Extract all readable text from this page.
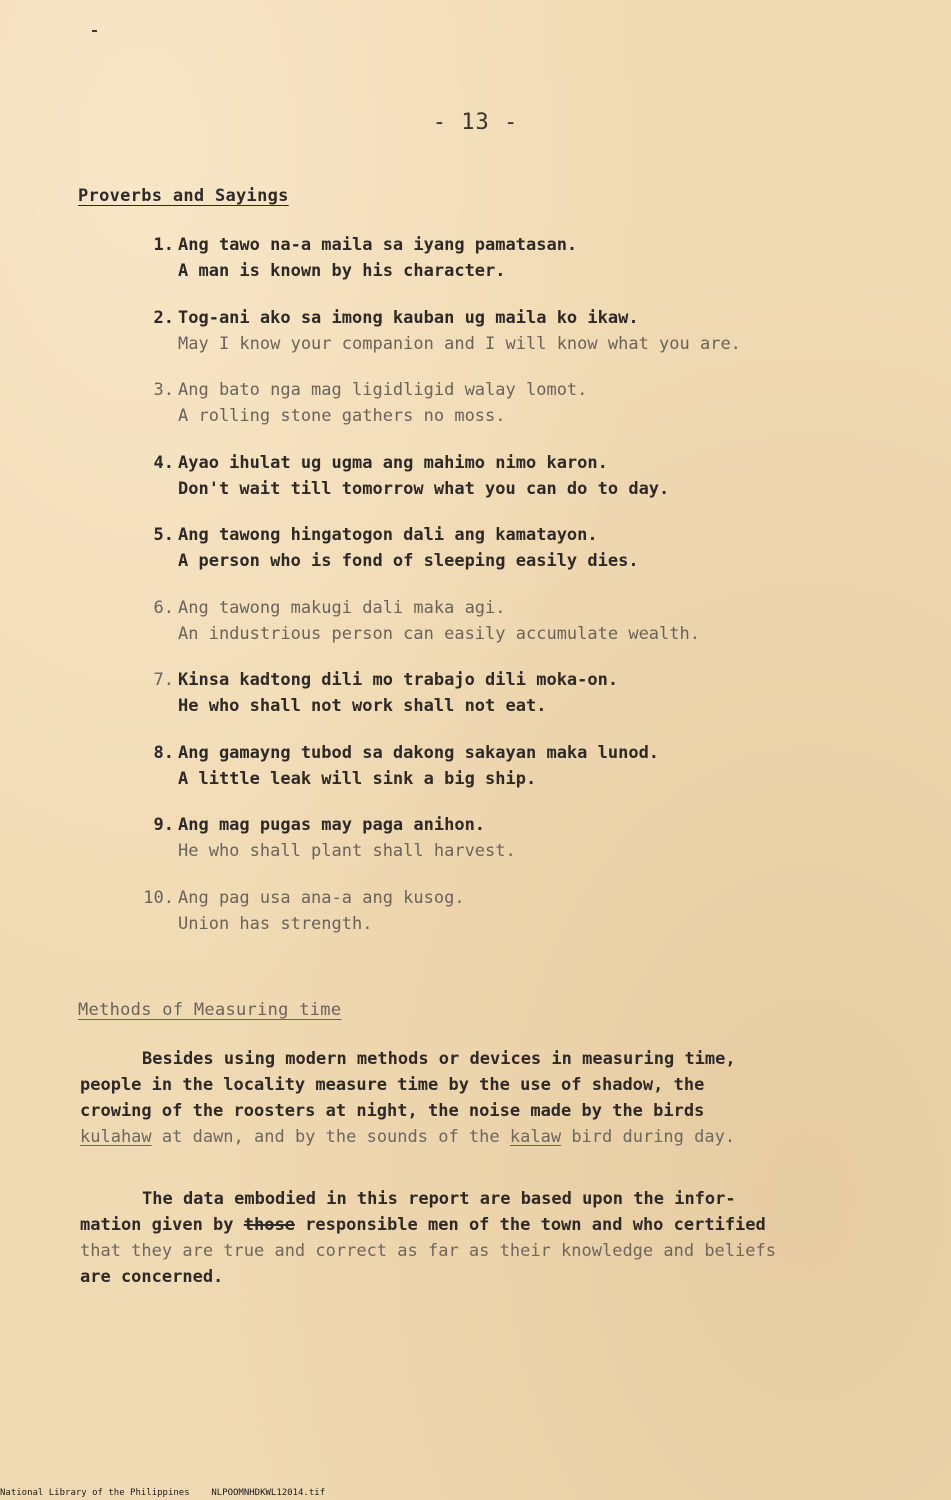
- 13 -
Proverbs and Sayings
1. Ang tawo na-a maila sa iyang pamatasan.
A man is known by his character.
2. Tog-ani ako sa imong kauban ug maila ko ikaw.
May I know your companion and I will know what you are.
3. Ang bato nga mag ligidligid walay lomot.
A rolling stone gathers no moss.
4. Ayao ihulat ug ugma ang mahimo nimo karon.
Don't wait till tomorrow what you can do to day.
5. Ang tawong hingatogon dali ang kamatayon.
A person who is fond of sleeping easily dies.
6. Ang tawong makugi dali maka agi.
An industrious person can easily accumulate wealth.
7. Kinsa kadtong dili mo trabajo dili moka-on.
He who shall not work shall not eat.
8. Ang gamayng tubod sa dakong sakayan maka lunod.
A little leak will sink a big ship.
9. Ang mag pugas may paga anihon.
He who shall plant shall harvest.
10. Ang pag usa ana-a ang kusog.
Union has strength.
Methods of Measuring time

Besides using modern methods or devices in measuring time,
people in the locality measure time by the use of shadow, the
crowing of the roosters at night, the noise made by the birds
kulahaw at dawn, and by the sounds of the kalaw bird during day.

The data embodied in this report are based upon the infor-
mation given by those responsible men of the town and who certified
that they are true and correct as far as their knowledge and beliefs
are concerned.

National Library of the Philippines    NLPOOMNHDKWL12014.tif
